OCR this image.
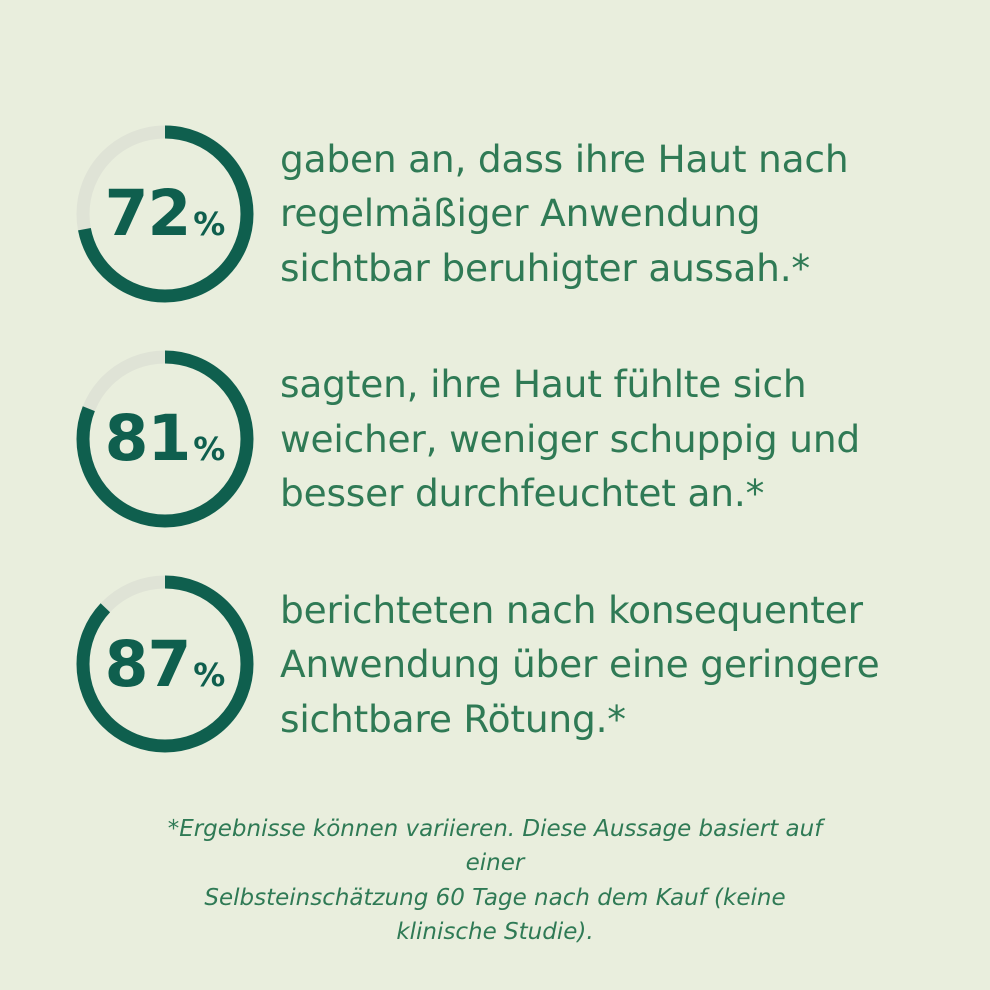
72 %
gaben an, dass ihre Haut nach regelmäßiger Anwendung sichtbar beruhigter aussah.*
81 %
sagten, ihre Haut fühlte sich weicher, weniger schuppig und besser durchfeuchtet an.*
87 %
berichteten nach konsequenter Anwendung über eine geringere sichtbare Rötung.*
*Ergebnisse können variieren. Diese Aussage basiert auf einer
Selbsteinschätzung 60 Tage nach dem Kauf (keine klinische Studie).
